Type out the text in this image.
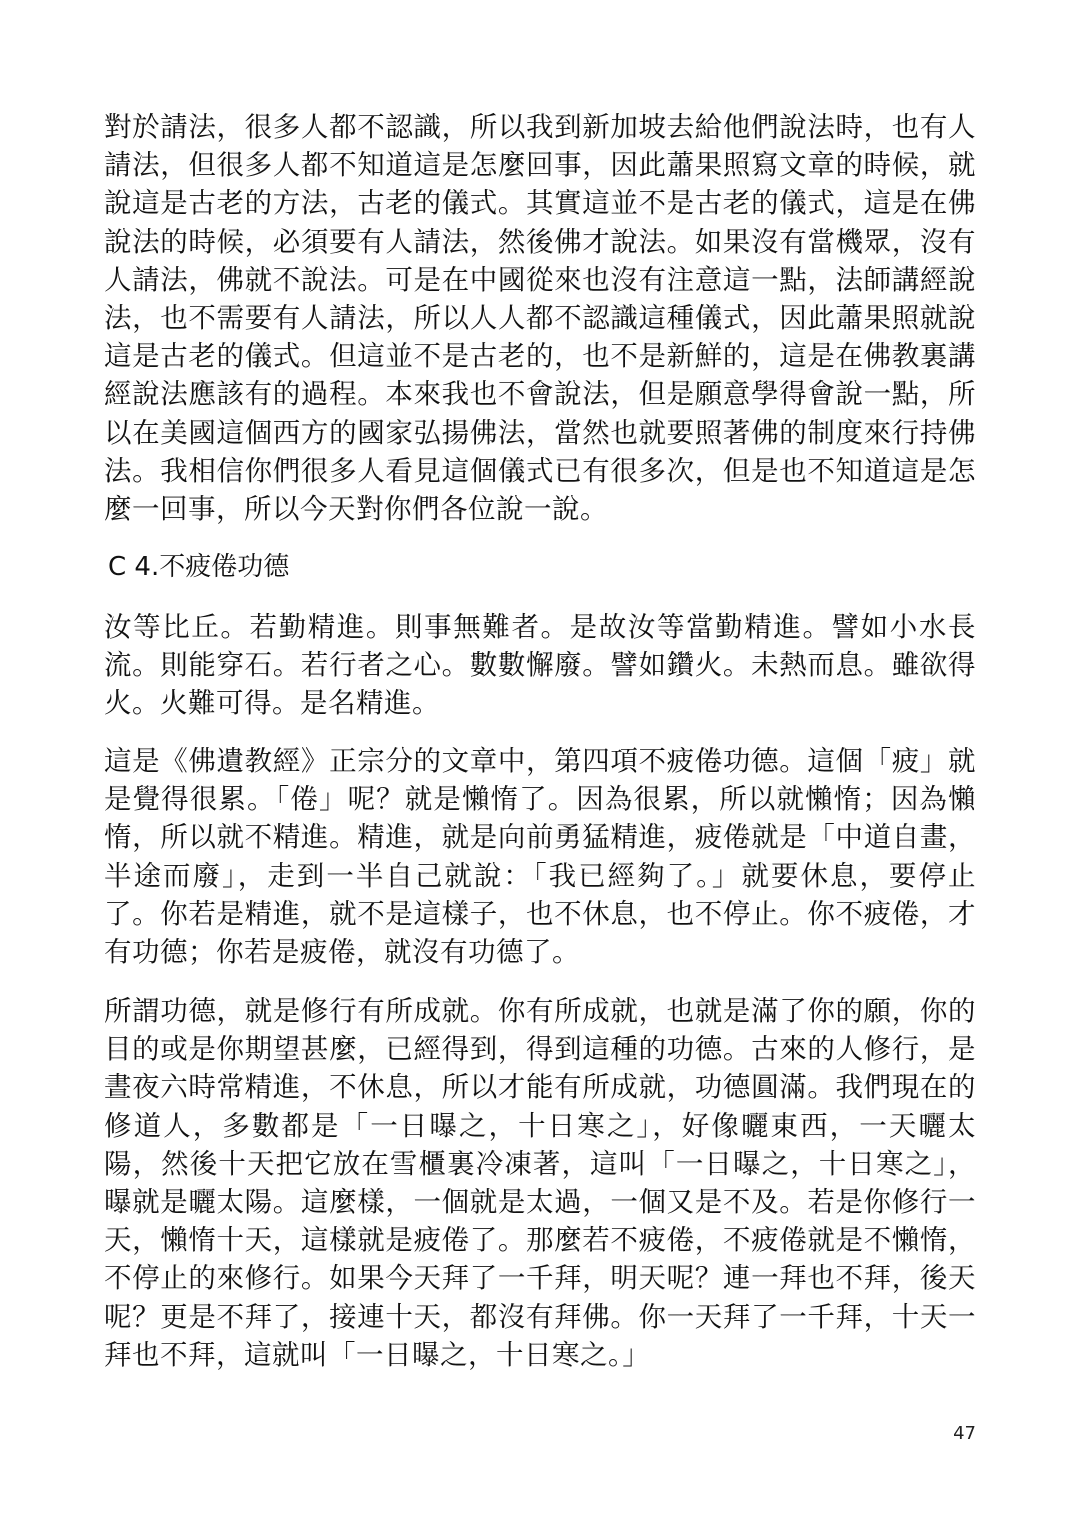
對於請法，很多人都不認識，所以我到新加坡去給他們說法時，也有人請法，但很多人都不知道這是怎麼回事，因此蕭果照寫文章的時候，就說這是古老的方法，古老的儀式。其實這並不是古老的儀式，這是在佛說法的時候，必須要有人請法，然後佛才說法。如果沒有當機眾，沒有人請法，佛就不說法。可是在中國從來也沒有注意這一點，法師講經說法，也不需要有人請法，所以人人都不認識這種儀式，因此蕭果照就說這是古老的儀式。但這並不是古老的，也不是新鮮的，這是在佛教裏講經說法應該有的過程。本來我也不會說法，但是願意學得會說一點，所以在美國這個西方的國家弘揚佛法，當然也就要照著佛的制度來行持佛法。我相信你們很多人看見這個儀式已有很多次，但是也不知道這是怎麼一回事，所以今天對你們各位說一說。

C 4.不疲倦功德

汝等比丘。若勤精進。則事無難者。是故汝等當勤精進。譬如小水長流。則能穿石。若行者之心。數數懈廢。譬如鑽火。未熱而息。雖欲得火。火難可得。是名精進。

這是《佛遺教經》正宗分的文章中，第四項不疲倦功德。這個「疲」就是覺得很累。「倦」呢？就是懶惰了。因為很累，所以就懶惰；因為懶惰，所以就不精進。精進，就是向前勇猛精進，疲倦就是「中道自畫，半途而廢」，走到一半自己就說：「我已經夠了。」就要休息，要停止了。你若是精進，就不是這樣子，也不休息，也不停止。你不疲倦，才有功德；你若是疲倦，就沒有功德了。

所謂功德，就是修行有所成就。你有所成就，也就是滿了你的願，你的目的或是你期望甚麼，已經得到，得到這種的功德。古來的人修行，是晝夜六時常精進，不休息，所以才能有所成就，功德圓滿。我們現在的修道人，多數都是「一日曝之，十日寒之」，好像曬東西，一天曬太陽，然後十天把它放在雪櫃裏冷凍著，這叫「一日曝之，十日寒之」，曝就是曬太陽。這麼樣，一個就是太過，一個又是不及。若是你修行一天，懶惰十天，這樣就是疲倦了。那麼若不疲倦，不疲倦就是不懶惰，不停止的來修行。如果今天拜了一千拜，明天呢？連一拜也不拜，後天呢？更是不拜了，接連十天，都沒有拜佛。你一天拜了一千拜，十天一拜也不拜，這就叫「一日曝之，十日寒之。」

47
